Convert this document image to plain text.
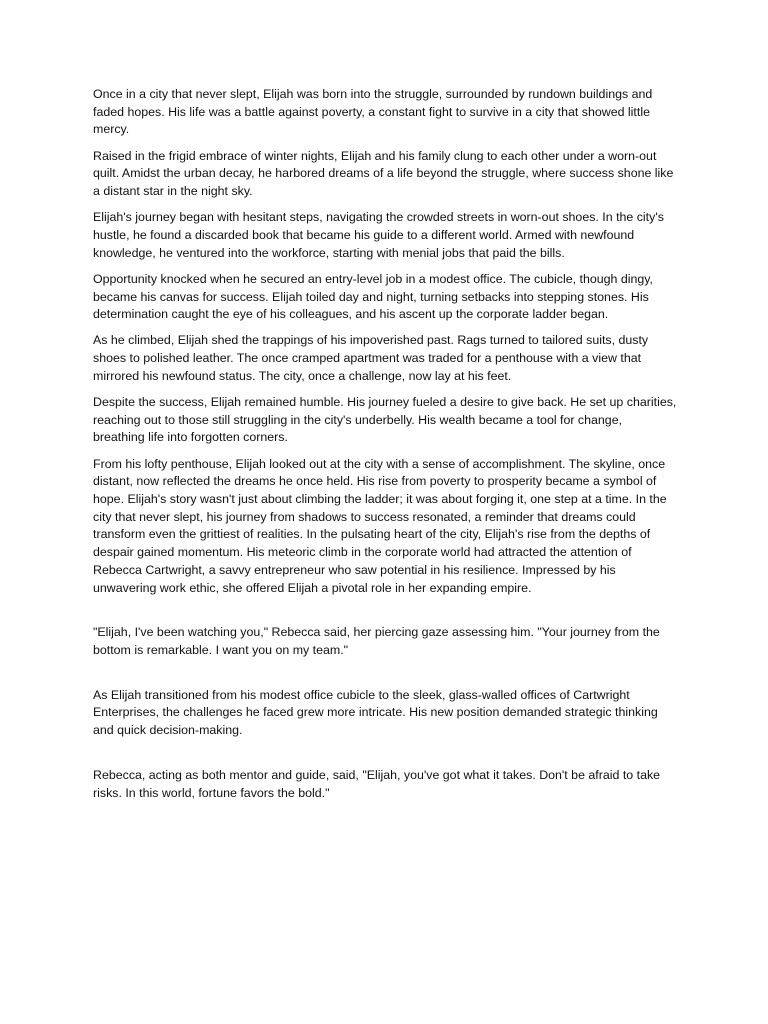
Once in a city that never slept, Elijah was born into the struggle, surrounded by rundown buildings and faded hopes. His life was a battle against poverty, a constant fight to survive in a city that showed little mercy.

Raised in the frigid embrace of winter nights, Elijah and his family clung to each other under a worn-out quilt. Amidst the urban decay, he harbored dreams of a life beyond the struggle, where success shone like a distant star in the night sky.

Elijah's journey began with hesitant steps, navigating the crowded streets in worn-out shoes. In the city's hustle, he found a discarded book that became his guide to a different world. Armed with newfound knowledge, he ventured into the workforce, starting with menial jobs that paid the bills.

Opportunity knocked when he secured an entry-level job in a modest office. The cubicle, though dingy, became his canvas for success. Elijah toiled day and night, turning setbacks into stepping stones. His determination caught the eye of his colleagues, and his ascent up the corporate ladder began.

As he climbed, Elijah shed the trappings of his impoverished past. Rags turned to tailored suits, dusty shoes to polished leather. The once cramped apartment was traded for a penthouse with a view that mirrored his newfound status. The city, once a challenge, now lay at his feet.

Despite the success, Elijah remained humble. His journey fueled a desire to give back. He set up charities, reaching out to those still struggling in the city's underbelly. His wealth became a tool for change, breathing life into forgotten corners.

From his lofty penthouse, Elijah looked out at the city with a sense of accomplishment. The skyline, once distant, now reflected the dreams he once held. His rise from poverty to prosperity became a symbol of hope. Elijah's story wasn't just about climbing the ladder; it was about forging it, one step at a time. In the city that never slept, his journey from shadows to success resonated, a reminder that dreams could transform even the grittiest of realities. In the pulsating heart of the city, Elijah's rise from the depths of despair gained momentum. His meteoric climb in the corporate world had attracted the attention of Rebecca Cartwright, a savvy entrepreneur who saw potential in his resilience. Impressed by his unwavering work ethic, she offered Elijah a pivotal role in her expanding empire.

"Elijah, I've been watching you," Rebecca said, her piercing gaze assessing him. "Your journey from the bottom is remarkable. I want you on my team."

As Elijah transitioned from his modest office cubicle to the sleek, glass-walled offices of Cartwright Enterprises, the challenges he faced grew more intricate. His new position demanded strategic thinking and quick decision-making.

Rebecca, acting as both mentor and guide, said, "Elijah, you've got what it takes. Don't be afraid to take risks. In this world, fortune favors the bold."
